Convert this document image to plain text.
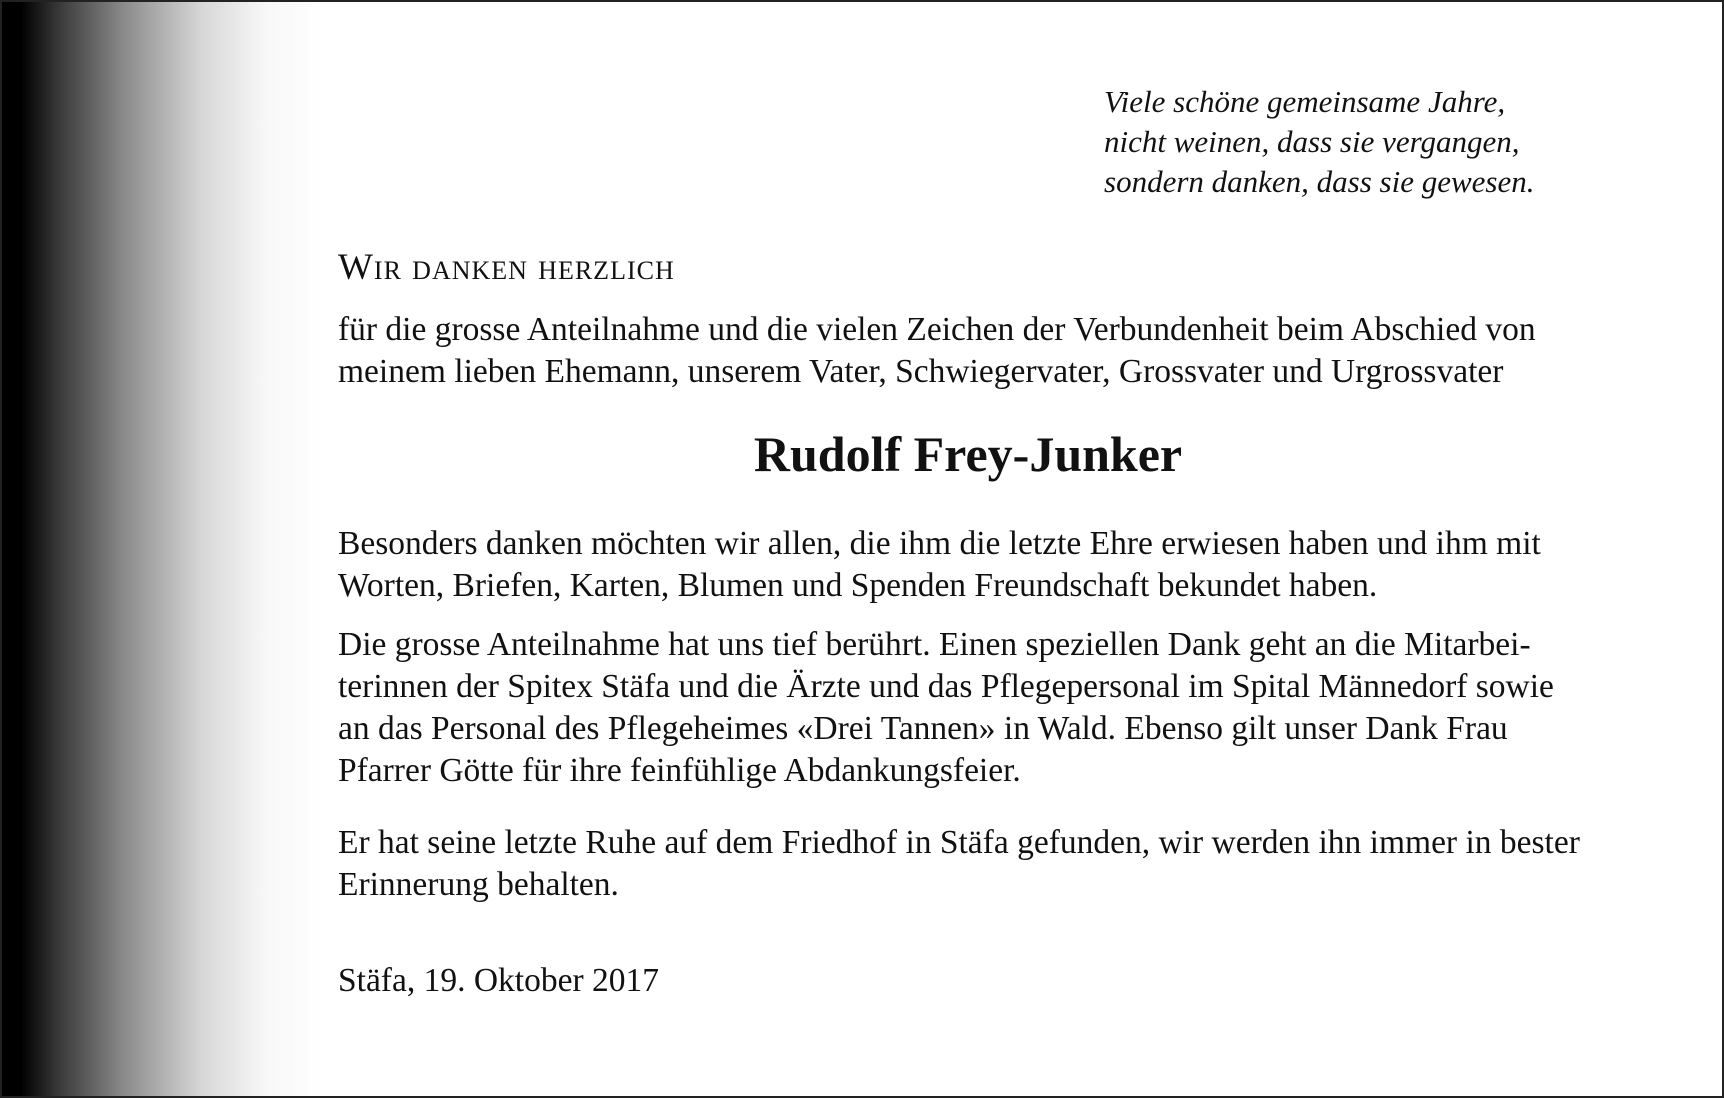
Viele schöne gemeinsame Jahre,
nicht weinen, dass sie vergangen,
sondern danken, dass sie gewesen.
Wir danken herzlich
für die grosse Anteilnahme und die vielen Zeichen der Verbundenheit beim Abschied von
meinem lieben Ehemann, unserem Vater, Schwiegervater, Grossvater und Urgrossvater
Rudolf Frey-Junker
Besonders danken möchten wir allen, die ihm die letzte Ehre erwiesen haben und ihm mit
Worten, Briefen, Karten, Blumen und Spenden Freundschaft bekundet haben.
Die grosse Anteilnahme hat uns tief berührt. Einen speziellen Dank geht an die Mitarbei-
terinnen der Spitex Stäfa und die Ärzte und das Pflegepersonal im Spital Männedorf sowie
an das Personal des Pflegeheimes «Drei Tannen» in Wald. Ebenso gilt unser Dank Frau
Pfarrer Götte für ihre feinfühlige Abdankungsfeier.
Er hat seine letzte Ruhe auf dem Friedhof in Stäfa gefunden, wir werden ihn immer in bester
Erinnerung behalten.
Stäfa, 19. Oktober 2017
